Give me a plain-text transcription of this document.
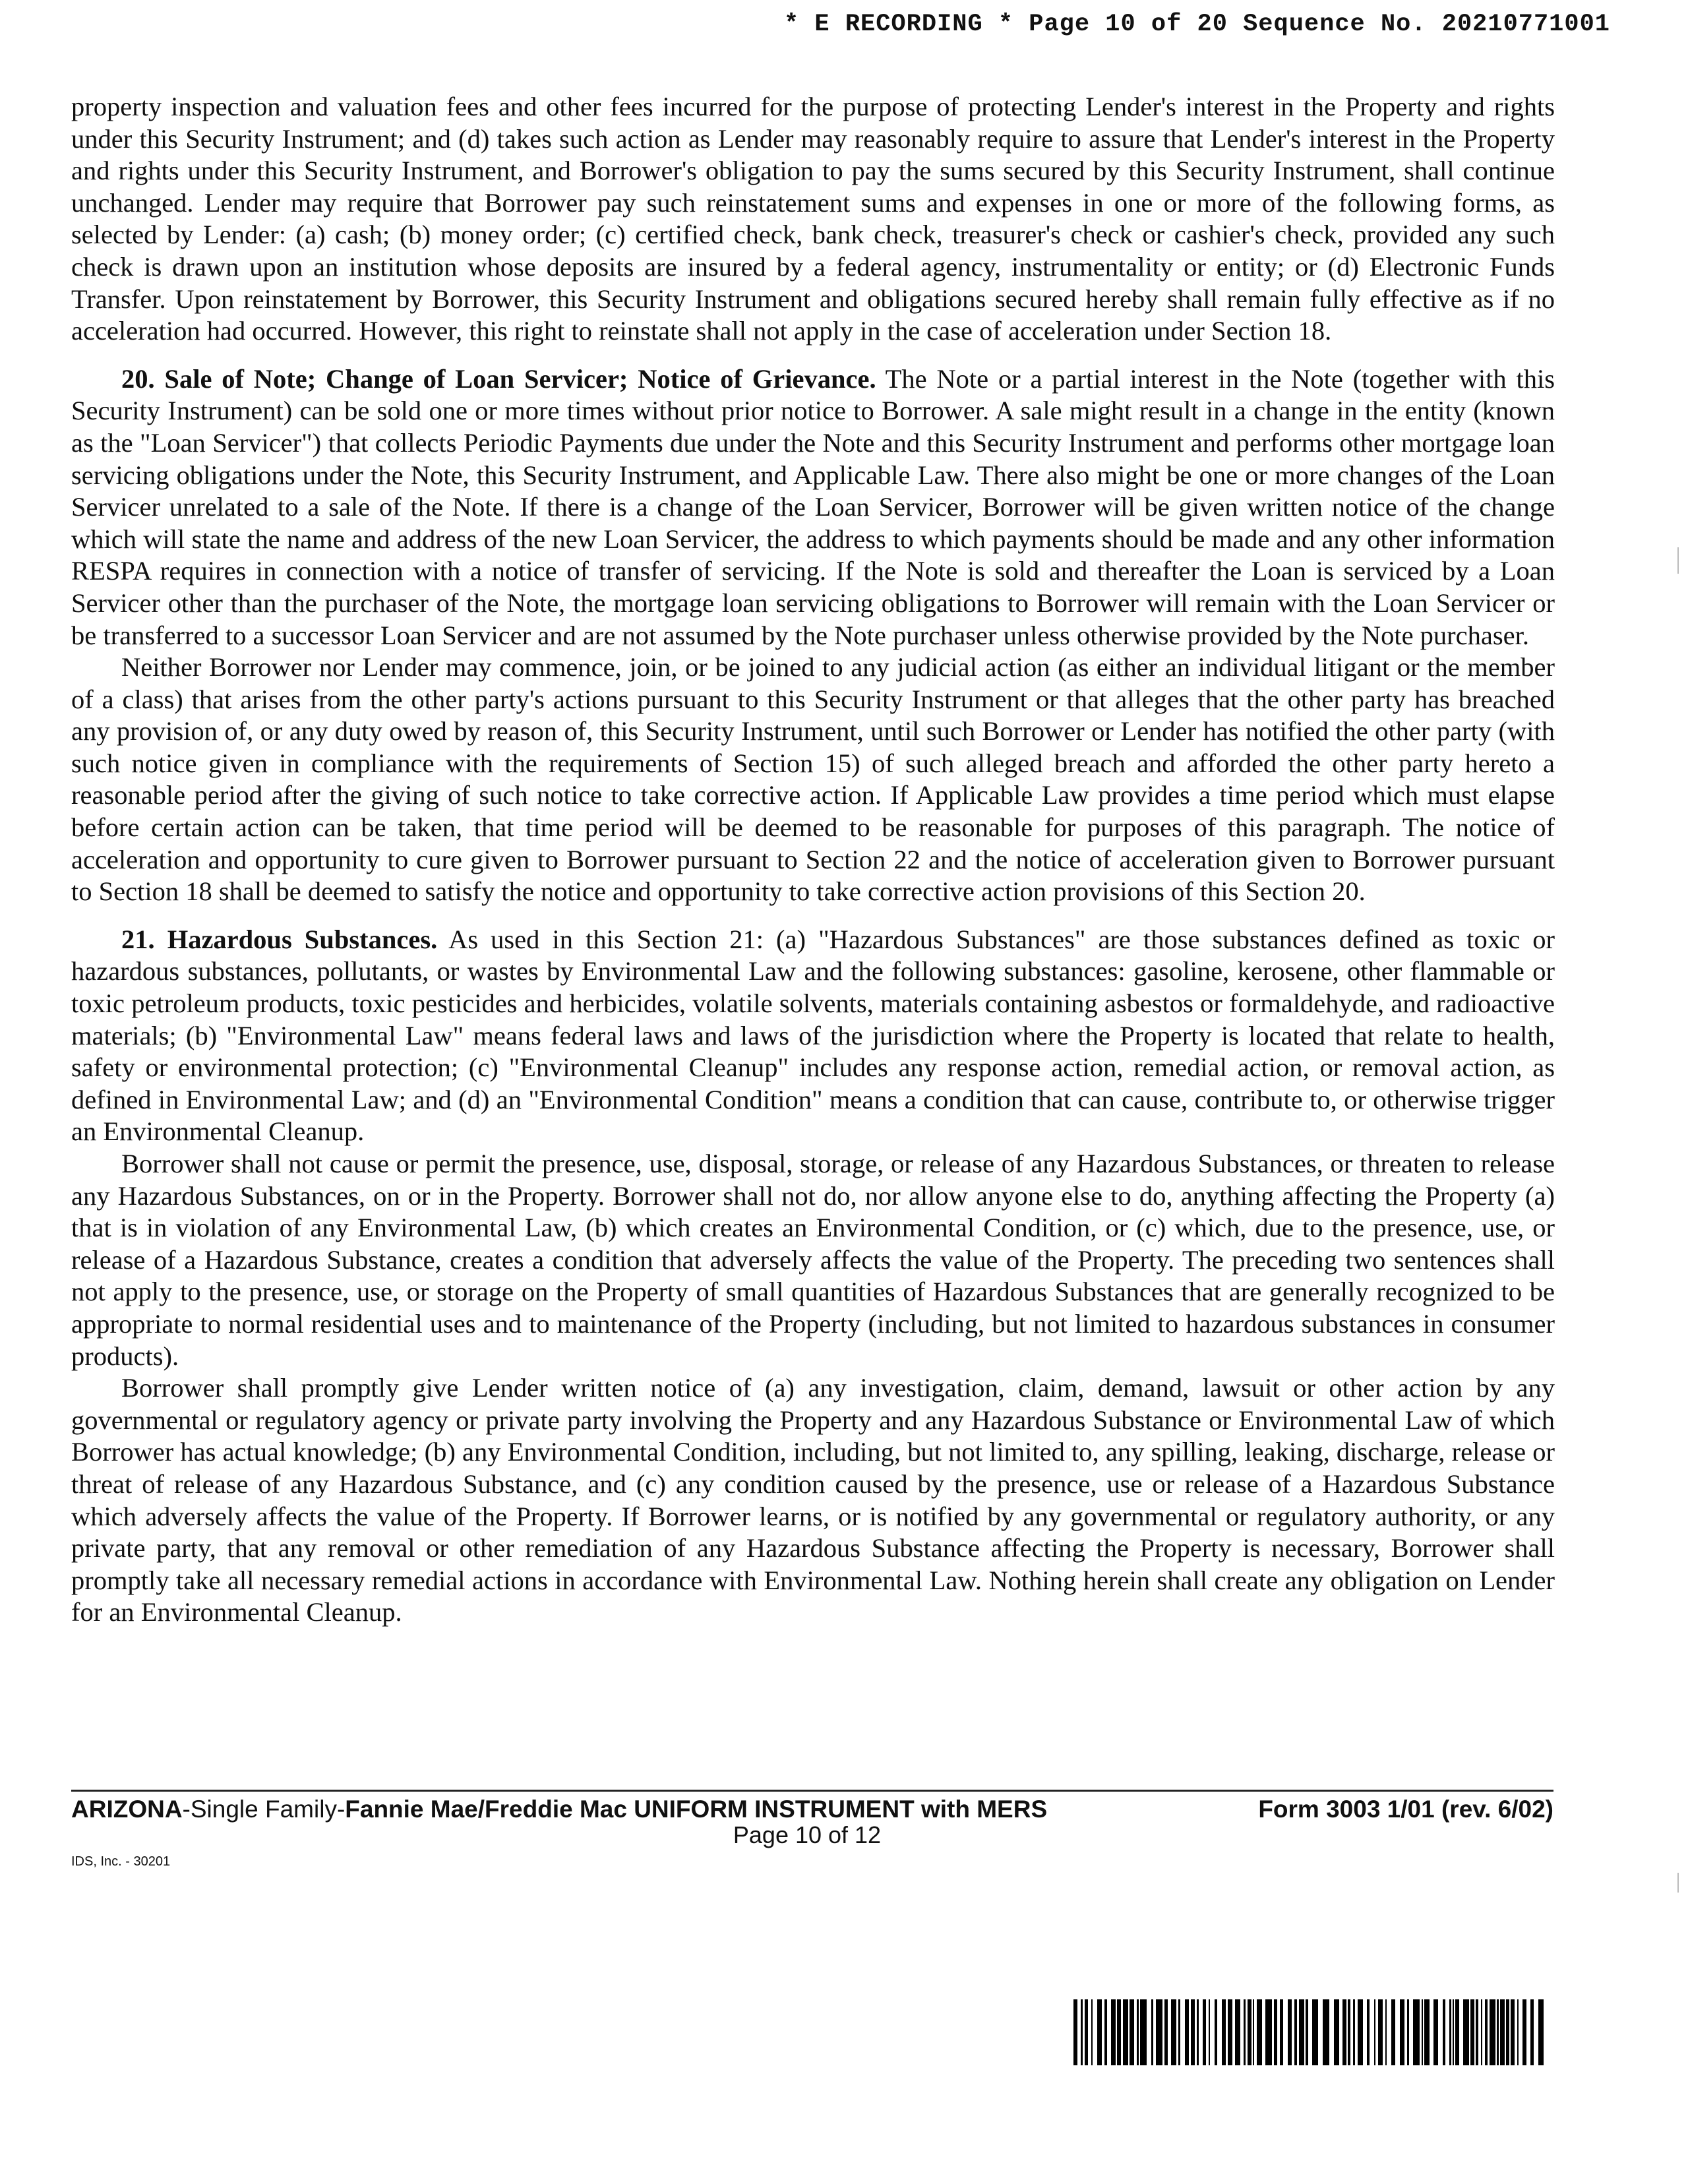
* E RECORDING * Page 10 of 20 Sequence No. 20210771001

property inspection and valuation fees and other fees incurred for the purpose of protecting Lender's interest in the Property and rights under this Security Instrument; and (d) takes such action as Lender may reasonably require to assure that Lender's interest in the Property and rights under this Security Instrument, and Borrower's obligation to pay the sums secured by this Security Instrument, shall continue unchanged. Lender may require that Borrower pay such reinstatement sums and expenses in one or more of the following forms, as selected by Lender: (a) cash; (b) money order; (c) certified check, bank check, treasurer's check or cashier's check, provided any such check is drawn upon an institution whose deposits are insured by a federal agency, instrumentality or entity; or (d) Electronic Funds Transfer. Upon reinstatement by Borrower, this Security Instrument and obligations secured hereby shall remain fully effective as if no acceleration had occurred. However, this right to reinstate shall not apply in the case of acceleration under Section 18.

20. Sale of Note; Change of Loan Servicer; Notice of Grievance. The Note or a partial interest in the Note (together with this Security Instrument) can be sold one or more times without prior notice to Borrower. A sale might result in a change in the entity (known as the "Loan Servicer") that collects Periodic Payments due under the Note and this Security Instrument and performs other mortgage loan servicing obligations under the Note, this Security Instrument, and Applicable Law. There also might be one or more changes of the Loan Servicer unrelated to a sale of the Note. If there is a change of the Loan Servicer, Borrower will be given written notice of the change which will state the name and address of the new Loan Servicer, the address to which payments should be made and any other information RESPA requires in connection with a notice of transfer of servicing. If the Note is sold and thereafter the Loan is serviced by a Loan Servicer other than the purchaser of the Note, the mortgage loan servicing obligations to Borrower will remain with the Loan Servicer or be transferred to a successor Loan Servicer and are not assumed by the Note purchaser unless otherwise provided by the Note purchaser.

Neither Borrower nor Lender may commence, join, or be joined to any judicial action (as either an individual litigant or the member of a class) that arises from the other party's actions pursuant to this Security Instrument or that alleges that the other party has breached any provision of, or any duty owed by reason of, this Security Instrument, until such Borrower or Lender has notified the other party (with such notice given in compliance with the requirements of Section 15) of such alleged breach and afforded the other party hereto a reasonable period after the giving of such notice to take corrective action. If Applicable Law provides a time period which must elapse before certain action can be taken, that time period will be deemed to be reasonable for purposes of this paragraph. The notice of acceleration and opportunity to cure given to Borrower pursuant to Section 22 and the notice of acceleration given to Borrower pursuant to Section 18 shall be deemed to satisfy the notice and opportunity to take corrective action provisions of this Section 20.

21. Hazardous Substances. As used in this Section 21: (a) "Hazardous Substances" are those substances defined as toxic or hazardous substances, pollutants, or wastes by Environmental Law and the following substances: gasoline, kerosene, other flammable or toxic petroleum products, toxic pesticides and herbicides, volatile solvents, materials containing asbestos or formaldehyde, and radioactive materials; (b) "Environmental Law" means federal laws and laws of the jurisdiction where the Property is located that relate to health, safety or environmental protection; (c) "Environmental Cleanup" includes any response action, remedial action, or removal action, as defined in Environmental Law; and (d) an "Environmental Condition" means a condition that can cause, contribute to, or otherwise trigger an Environmental Cleanup.

Borrower shall not cause or permit the presence, use, disposal, storage, or release of any Hazardous Substances, or threaten to release any Hazardous Substances, on or in the Property. Borrower shall not do, nor allow anyone else to do, anything affecting the Property (a) that is in violation of any Environmental Law, (b) which creates an Environmental Condition, or (c) which, due to the presence, use, or release of a Hazardous Substance, creates a condition that adversely affects the value of the Property. The preceding two sentences shall not apply to the presence, use, or storage on the Property of small quantities of Hazardous Substances that are generally recognized to be appropriate to normal residential uses and to maintenance of the Property (including, but not limited to hazardous substances in consumer products).

Borrower shall promptly give Lender written notice of (a) any investigation, claim, demand, lawsuit or other action by any governmental or regulatory agency or private party involving the Property and any Hazardous Substance or Environmental Law of which Borrower has actual knowledge; (b) any Environmental Condition, including, but not limited to, any spilling, leaking, discharge, release or threat of release of any Hazardous Substance, and (c) any condition caused by the presence, use or release of a Hazardous Substance which adversely affects the value of the Property. If Borrower learns, or is notified by any governmental or regulatory authority, or any private party, that any removal or other remediation of any Hazardous Substance affecting the Property is necessary, Borrower shall promptly take all necessary remedial actions in accordance with Environmental Law. Nothing herein shall create any obligation on Lender for an Environmental Cleanup.

ARIZONA-Single Family-Fannie Mae/Freddie Mac UNIFORM INSTRUMENT with MERS	Form 3003 1/01 (rev. 6/02)
Page 10 of 12
IDS, Inc. - 30201
